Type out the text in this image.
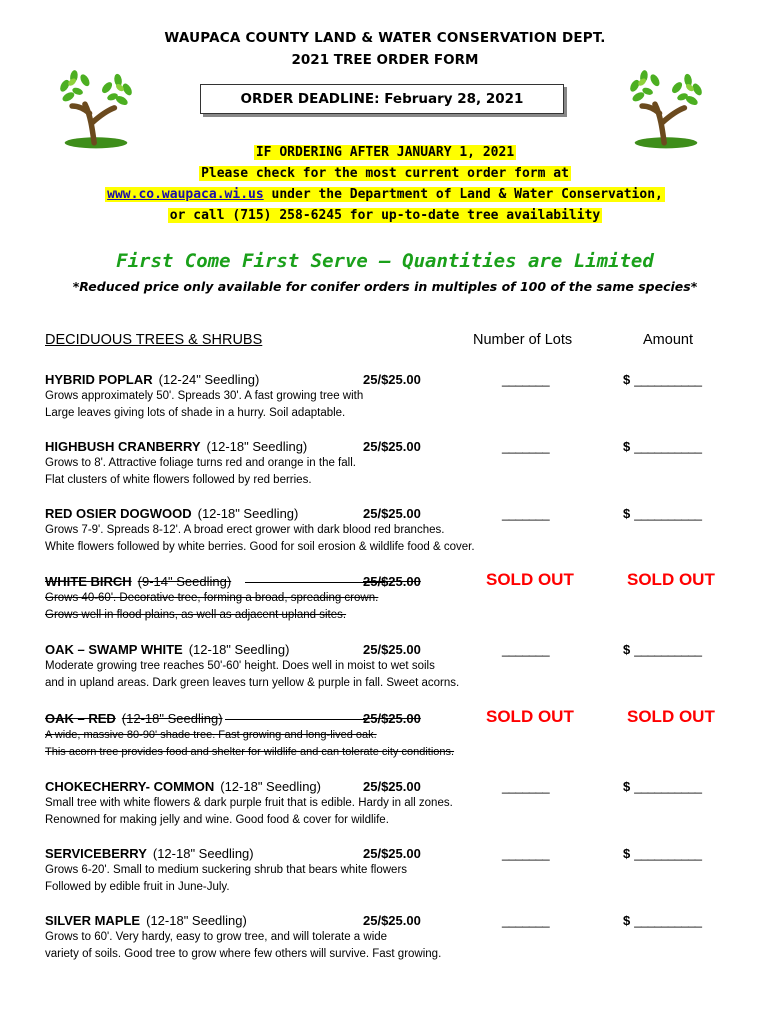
WAUPACA COUNTY LAND & WATER CONSERVATION DEPT.
2021 TREE ORDER FORM
ORDER DEADLINE: February 28, 2021
IF ORDERING AFTER JANUARY 1, 2021
Please check for the most current order form at
www.co.waupaca.wi.us under the Department of Land & Water Conservation,
or call (715) 258-6245 for up-to-date tree availability
First Come First Serve – Quantities are Limited
*Reduced price only available for conifer orders in multiples of 100 of the same species*
DECIDUOUS TREES & SHRUBS	Number of Lots	Amount
HYBRID POPLAR (12-24" Seedling)	25/$25.00
Grows approximately 50'. Spreads 30'. A fast growing tree with
Large leaves giving lots of shade in a hurry. Soil adaptable.
_______	$ __________
HIGHBUSH CRANBERRY (12-18" Seedling)	25/$25.00
Grows to 8'. Attractive foliage turns red and orange in the fall.
Flat clusters of white flowers followed by red berries.
_______	$ __________
RED OSIER DOGWOOD (12-18" Seedling)	25/$25.00
Grows 7-9'. Spreads 8-12'. A broad erect grower with dark blood red branches.
White flowers followed by white berries. Good for soil erosion & wildlife food & cover.
_______	$ __________
WHITE BIRCH (9-14" Seedling)	25/$25.00
Grows 40-60'. Decorative tree, forming a broad, spreading crown.
Grows well in flood plains, as well as adjacent upland sites.
SOLD OUT	SOLD OUT
OAK – SWAMP WHITE (12-18" Seedling)	25/$25.00
Moderate growing tree reaches 50'-60' height. Does well in moist to wet soils
and in upland areas. Dark green leaves turn yellow & purple in fall. Sweet acorns.
_______	$ __________
OAK – RED (12-18" Seedling)	25/$25.00
A wide, massive 80-90' shade tree. Fast growing and long-lived oak.
This acorn tree provides food and shelter for wildlife and can tolerate city conditions.
SOLD OUT	SOLD OUT
CHOKECHERRY- COMMON (12-18" Seedling)	25/$25.00
Small tree with white flowers & dark purple fruit that is edible. Hardy in all zones.
Renowned for making jelly and wine. Good food & cover for wildlife.
_______	$ __________
SERVICEBERRY (12-18" Seedling)	25/$25.00
Grows 6-20'. Small to medium suckering shrub that bears white flowers
Followed by edible fruit in June-July.
_______	$ __________
SILVER MAPLE (12-18" Seedling)	25/$25.00
Grows to 60'. Very hardy, easy to grow tree, and will tolerate a wide
variety of soils. Good tree to grow where few others will survive. Fast growing.
_______	$ __________
